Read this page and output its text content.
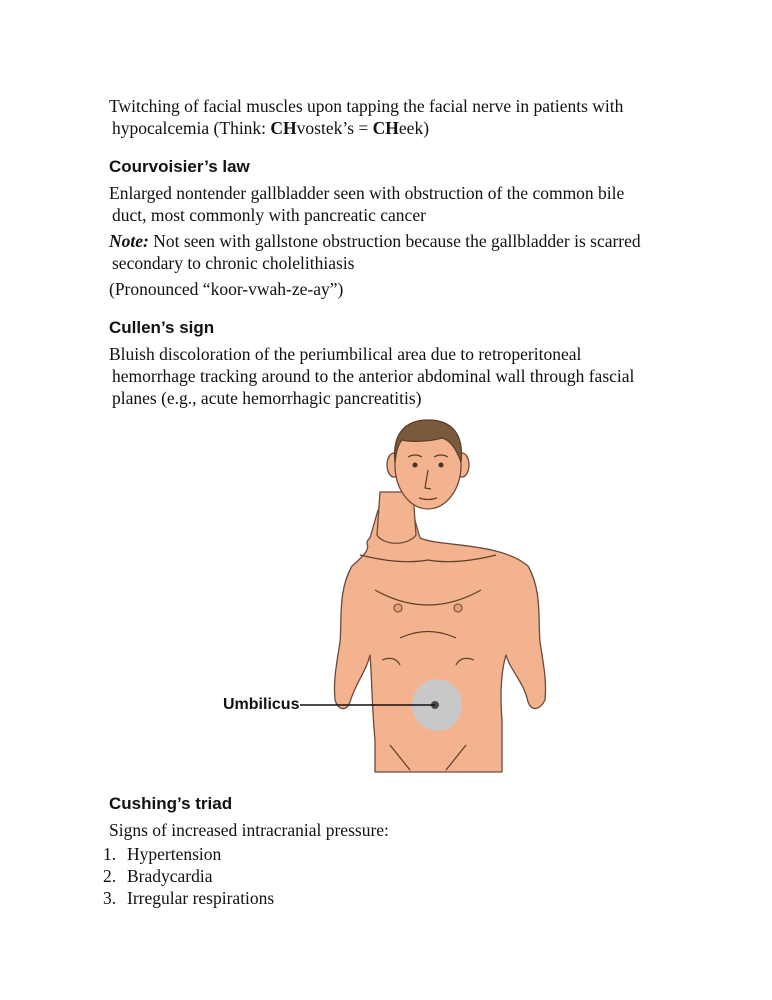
Twitching of facial muscles upon tapping the facial nerve in patients with
hypocalcemia (Think: CHvostek’s = CHeek)
Courvoisier’s law
Enlarged nontender gallbladder seen with obstruction of the common bile
duct, most commonly with pancreatic cancer
Note: Not seen with gallstone obstruction because the gallbladder is scarred
secondary to chronic cholelithiasis
(Pronounced “koor-vwah-ze-ay”)
Cullen’s sign
Bluish discoloration of the periumbilical area due to retroperitoneal
hemorrhage tracking around to the anterior abdominal wall through fascial
planes (e.g., acute hemorrhagic pancreatitis)
Umbilicus
Cushing’s triad
Signs of increased intracranial pressure:
1. Hypertension
2. Bradycardia
3. Irregular respirations
